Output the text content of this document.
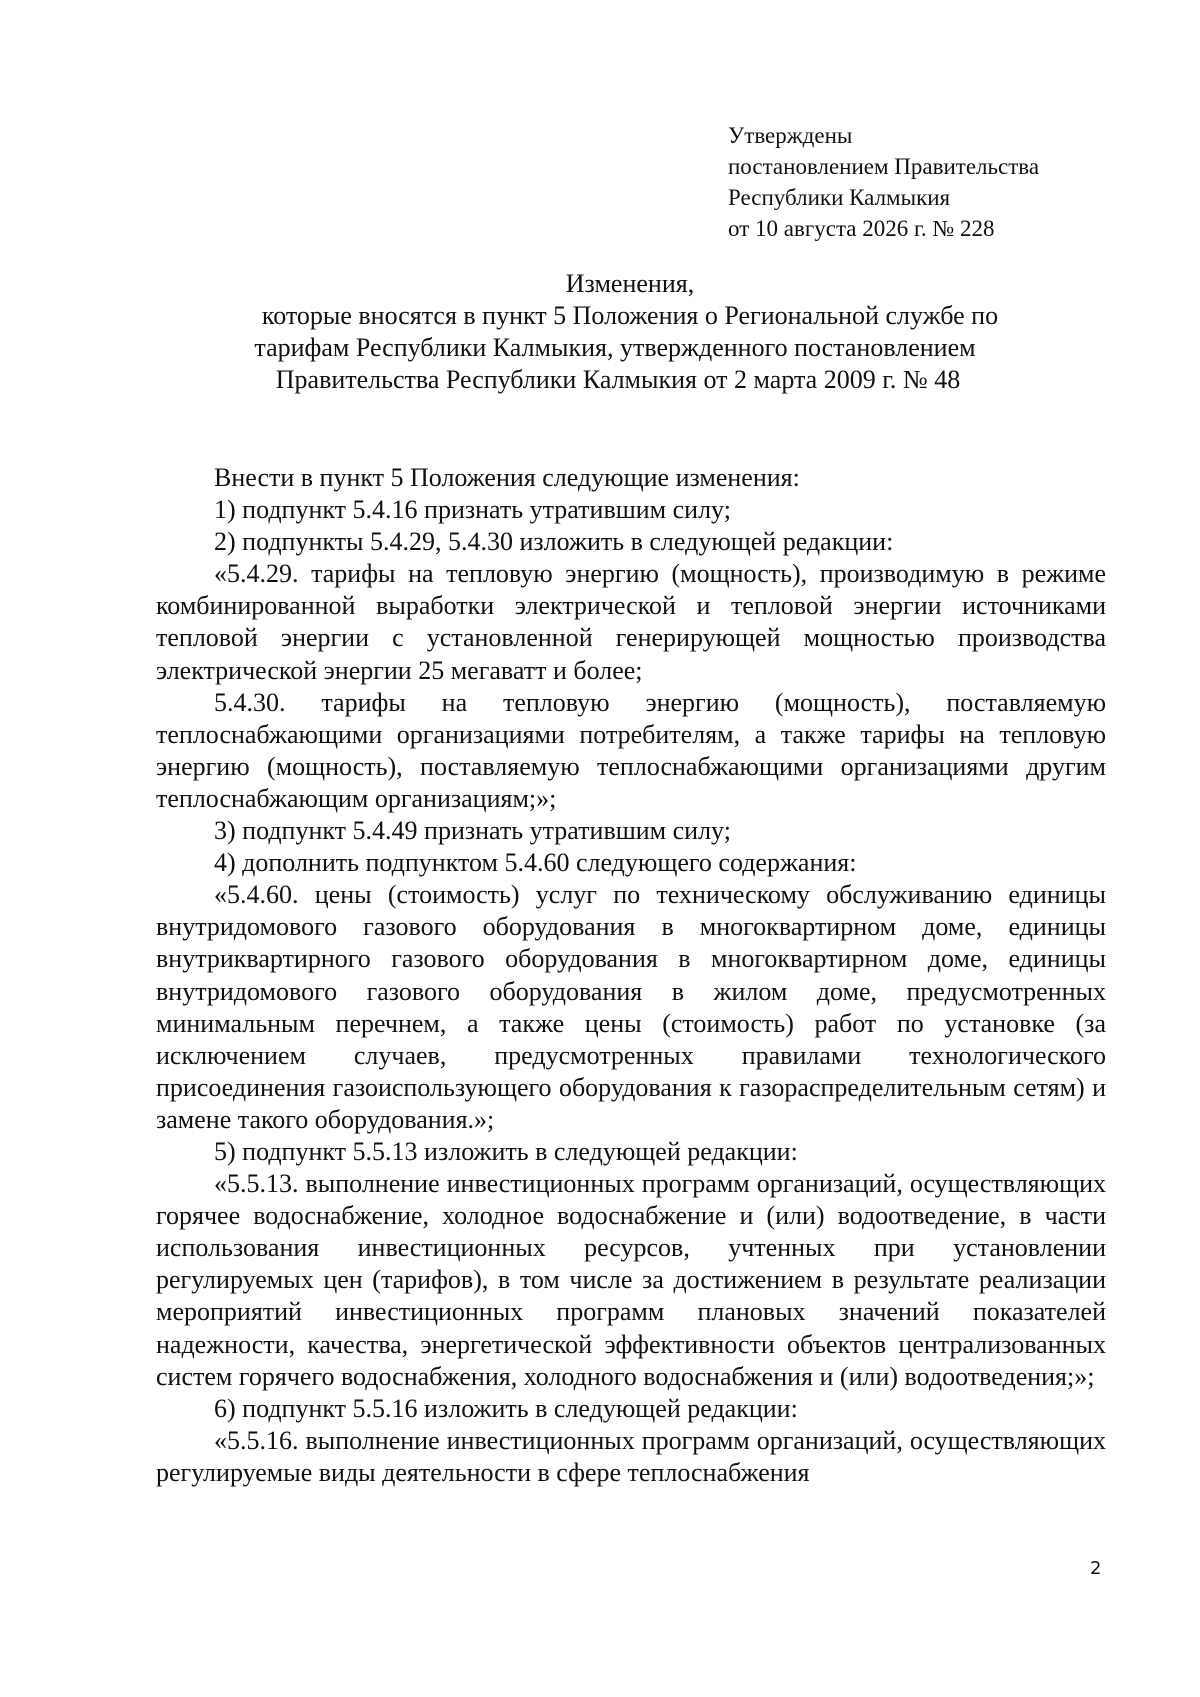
Утверждены
постановлением Правительства
Республики Калмыкия
от 10 августа 2026 г. № 228
Изменения,
которые вносятся в пункт 5 Положения о Региональной службе по
тарифам Республики Калмыкия, утвержденного постановлением
Правительства Республики Калмыкия от 2 марта 2009 г. № 48

Внести в пункт 5 Положения следующие изменения:

1) подпункт 5.4.16 признать утратившим силу;

2) подпункты 5.4.29, 5.4.30 изложить в следующей редакции:

«5.4.29. тарифы на тепловую энергию (мощность), производимую в режиме комбинированной выработки электрической и тепловой энергии источниками тепловой энергии с установленной генерирующей мощностью производства электрической энергии 25 мегаватт и более;

5.4.30. тарифы на тепловую энергию (мощность), поставляемую теплоснабжающими организациями потребителям, а также тарифы на тепловую энергию (мощность), поставляемую теплоснабжающими организациями другим теплоснабжающим организациям;»;

3) подпункт 5.4.49 признать утратившим силу;

4) дополнить подпунктом 5.4.60 следующего содержания:

«5.4.60. цены (стоимость) услуг по техническому обслуживанию единицы внутридомового газового оборудования в многоквартирном доме, единицы внутриквартирного газового оборудования в многоквартирном доме, единицы внутридомового газового оборудования в жилом доме, предусмотренных минимальным перечнем, а также цены (стоимость) работ по установке (за исключением случаев, предусмотренных правилами технологического присоединения газоиспользующего оборудования к газораспределительным сетям) и замене такого оборудования.»;

5) подпункт 5.5.13 изложить в следующей редакции:

«5.5.13. выполнение инвестиционных программ организаций, осуществляющих горячее водоснабжение, холодное водоснабжение и (или) водоотведение, в части использования инвестиционных ресурсов, учтенных при установлении регулируемых цен (тарифов), в том числе за достижением в результате реализации мероприятий инвестиционных программ плановых значений показателей надежности, качества, энергетической эффективности объектов централизованных систем горячего водоснабжения, холодного водоснабжения и (или) водоотведения;»;

6) подпункт 5.5.16 изложить в следующей редакции:

«5.5.16. выполнение инвестиционных программ организаций, осуществляющих регулируемые виды деятельности в сфере теплоснабжения

2
